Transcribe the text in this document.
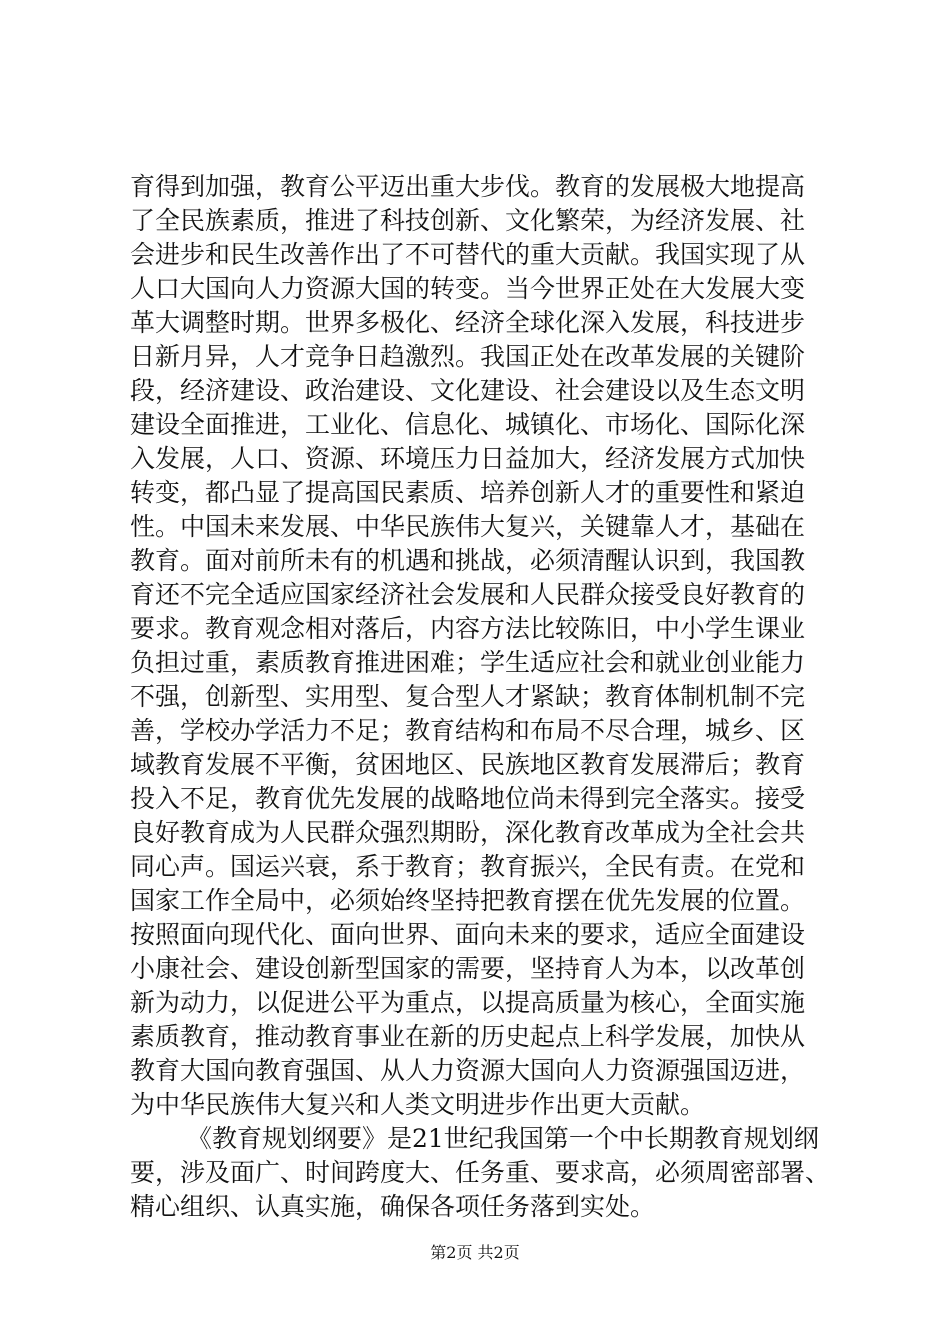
育得到加强，教育公平迈出重大步伐。教育的发展极大地提高
了全民族素质，推进了科技创新、文化繁荣，为经济发展、社
会进步和民生改善作出了不可替代的重大贡献。我国实现了从
人口大国向人力资源大国的转变。当今世界正处在大发展大变
革大调整时期。世界多极化、经济全球化深入发展，科技进步
日新月异，人才竞争日趋激烈。我国正处在改革发展的关键阶
段，经济建设、政治建设、文化建设、社会建设以及生态文明
建设全面推进，工业化、信息化、城镇化、市场化、国际化深
入发展，人口、资源、环境压力日益加大，经济发展方式加快
转变，都凸显了提高国民素质、培养创新人才的重要性和紧迫
性。中国未来发展、中华民族伟大复兴，关键靠人才，基础在
教育。面对前所未有的机遇和挑战，必须清醒认识到，我国教
育还不完全适应国家经济社会发展和人民群众接受良好教育的
要求。教育观念相对落后，内容方法比较陈旧，中小学生课业
负担过重，素质教育推进困难；学生适应社会和就业创业能力
不强，创新型、实用型、复合型人才紧缺；教育体制机制不完
善，学校办学活力不足；教育结构和布局不尽合理，城乡、区
域教育发展不平衡，贫困地区、民族地区教育发展滞后；教育
投入不足，教育优先发展的战略地位尚未得到完全落实。接受
良好教育成为人民群众强烈期盼，深化教育改革成为全社会共
同心声。国运兴衰，系于教育；教育振兴，全民有责。在党和
国家工作全局中，必须始终坚持把教育摆在优先发展的位置。
按照面向现代化、面向世界、面向未来的要求，适应全面建设
小康社会、建设创新型国家的需要，坚持育人为本，以改革创
新为动力，以促进公平为重点，以提高质量为核心，全面实施
素质教育，推动教育事业在新的历史起点上科学发展，加快从
教育大国向教育强国、从人力资源大国向人力资源强国迈进，
为中华民族伟大复兴和人类文明进步作出更大贡献。
《教育规划纲要》是21世纪我国第一个中长期教育规划纲
要，涉及面广、时间跨度大、任务重、要求高，必须周密部署、
精心组织、认真实施，确保各项任务落到实处。
第2页 共2页
